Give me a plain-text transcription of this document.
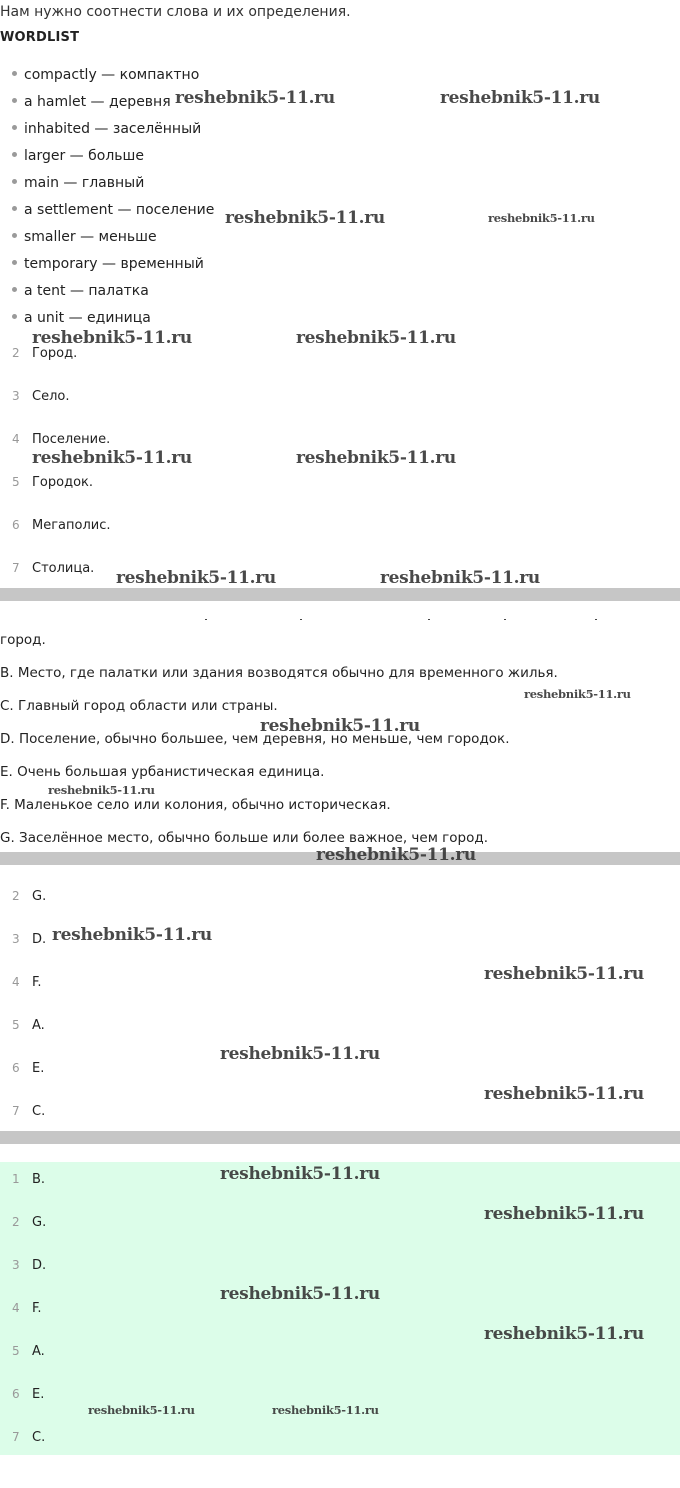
Нам нужно соотнести слова и их определения.
WORDLIST
compactly — компактно
a hamlet — деревня
inhabited — заселённый
larger — больше
main — главный
a settlement — поселение
smaller — меньше
temporary — временный
a tent — палатка
a unit — единица
2 Город.
3 Село.
4 Поселение.
5 Городок.
6 Мегаполис.
7 Столица.
город.
B. Место, где палатки или здания возводятся обычно для временного жилья.
C. Главный город области или страны.
D. Поселение, обычно большее, чем деревня, но меньше, чем городок.
E. Очень большая урбанистическая единица.
F. Маленькое село или колония, обычно историческая.
G. Заселённое место, обычно больше или более важное, чем город.
2 G.
3 D.
4 F.
5 A.
6 E.
7 C.
1 B.
2 G.
3 D.
4 F.
5 A.
6 E.
7 C.
reshebnik5-11.ru	reshebnik5-11.ru
reshebnik5-11.ru	reshebnik5-11.ru
reshebnik5-11.ru	reshebnik5-11.ru
reshebnik5-11.ru	reshebnik5-11.ru
reshebnik5-11.ru	reshebnik5-11.ru
reshebnik5-11.ru
reshebnik5-11.ru
reshebnik5-11.ru
reshebnik5-11.ru
reshebnik5-11.ru
reshebnik5-11.ru
reshebnik5-11.ru
reshebnik5-11.ru
reshebnik5-11.ru
reshebnik5-11.ru
reshebnik5-11.ru
reshebnik5-11.ru
reshebnik5-11.ru	reshebnik5-11.ru
